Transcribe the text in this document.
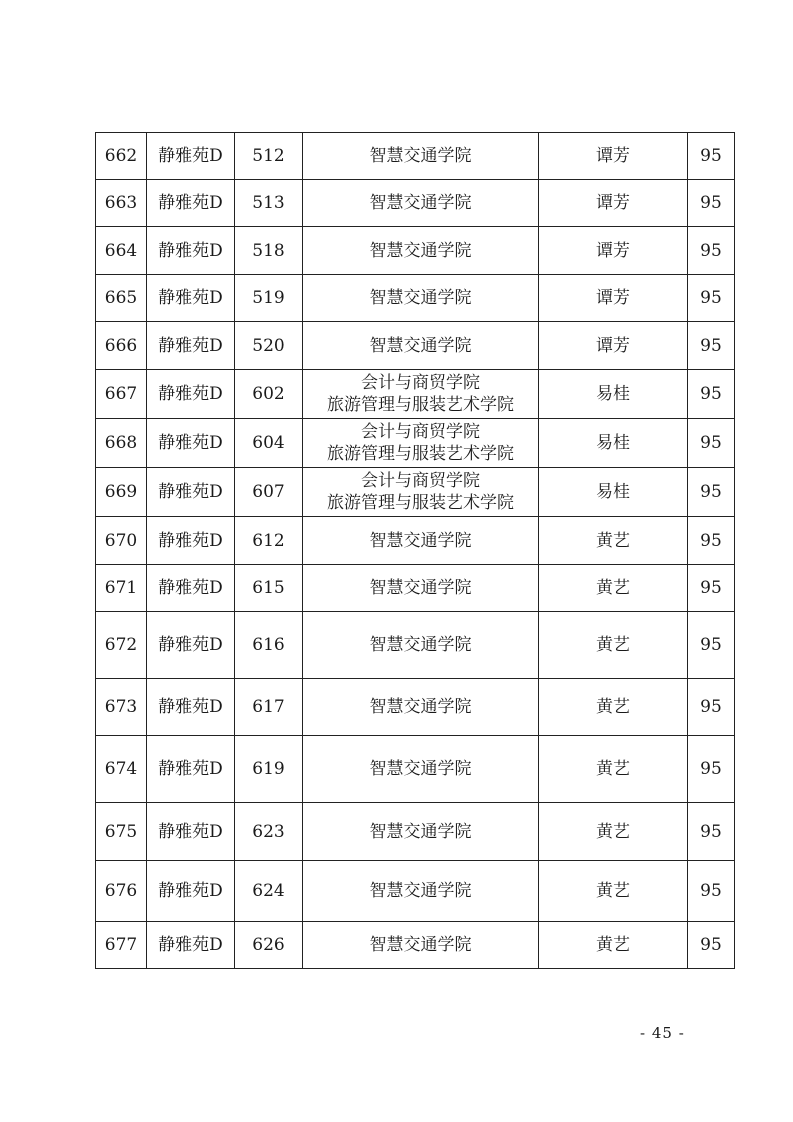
662	静雅苑D	512	智慧交通学院	谭芳	95
663	静雅苑D	513	智慧交通学院	谭芳	95
664	静雅苑D	518	智慧交通学院	谭芳	95
665	静雅苑D	519	智慧交通学院	谭芳	95
666	静雅苑D	520	智慧交通学院	谭芳	95
667	静雅苑D	602	会计与商贸学院
旅游管理与服装艺术学院	易桂	95
668	静雅苑D	604	会计与商贸学院
旅游管理与服装艺术学院	易桂	95
669	静雅苑D	607	会计与商贸学院
旅游管理与服装艺术学院	易桂	95
670	静雅苑D	612	智慧交通学院	黄艺	95
671	静雅苑D	615	智慧交通学院	黄艺	95
672	静雅苑D	616	智慧交通学院	黄艺	95
673	静雅苑D	617	智慧交通学院	黄艺	95
674	静雅苑D	619	智慧交通学院	黄艺	95
675	静雅苑D	623	智慧交通学院	黄艺	95
676	静雅苑D	624	智慧交通学院	黄艺	95
677	静雅苑D	626	智慧交通学院	黄艺	95
- 45 -
